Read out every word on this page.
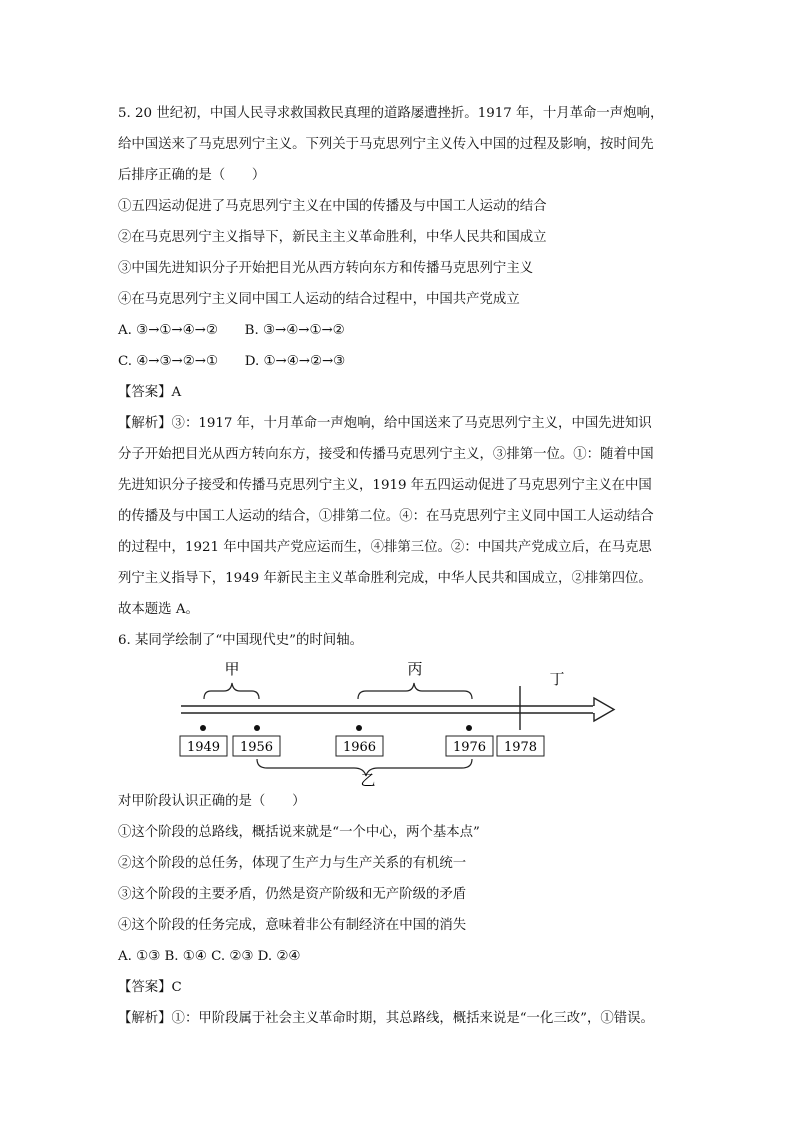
5. 20 世纪初，中国人民寻求救国救民真理的道路屡遭挫折。1917 年，十月革命一声炮响，

给中国送来了马克思列宁主义。下列关于马克思列宁主义传入中国的过程及影响，按时间先

后排序正确的是（　　）

①五四运动促进了马克思列宁主义在中国的传播及与中国工人运动的结合

②在马克思列宁主义指导下，新民主主义革命胜利，中华人民共和国成立

③中国先进知识分子开始把目光从西方转向东方和传播马克思列宁主义

④在马克思列宁主义同中国工人运动的结合过程中，中国共产党成立

A. ③→①→④→②　　B. ③→④→①→②

C. ④→③→②→①　　D. ①→④→②→③

【答案】A

【解析】③：1917 年，十月革命一声炮响，给中国送来了马克思列宁主义，中国先进知识

分子开始把目光从西方转向东方，接受和传播马克思列宁主义，③排第一位。①：随着中国

先进知识分子接受和传播马克思列宁主义，1919 年五四运动促进了马克思列宁主义在中国

的传播及与中国工人运动的结合，①排第二位。④：在马克思列宁主义同中国工人运动结合

的过程中，1921 年中国共产党应运而生，④排第三位。②：中国共产党成立后，在马克思

列宁主义指导下，1949 年新民主主义革命胜利完成，中华人民共和国成立，②排第四位。

故本题选 A。

6. 某同学绘制了“中国现代史”的时间轴。

甲	丙
丁
1949 1956	1966	1976 1978
乙

对甲阶段认识正确的是（　　）

①这个阶段的总路线，概括说来就是“一个中心，两个基本点”

②这个阶段的总任务，体现了生产力与生产关系的有机统一

③这个阶段的主要矛盾，仍然是资产阶级和无产阶级的矛盾

④这个阶段的任务完成，意味着非公有制经济在中国的消失

A. ①③ B. ①④ C. ②③ D. ②④

【答案】C

【解析】①：甲阶段属于社会主义革命时期，其总路线，概括来说是“一化三改”，①错误。
